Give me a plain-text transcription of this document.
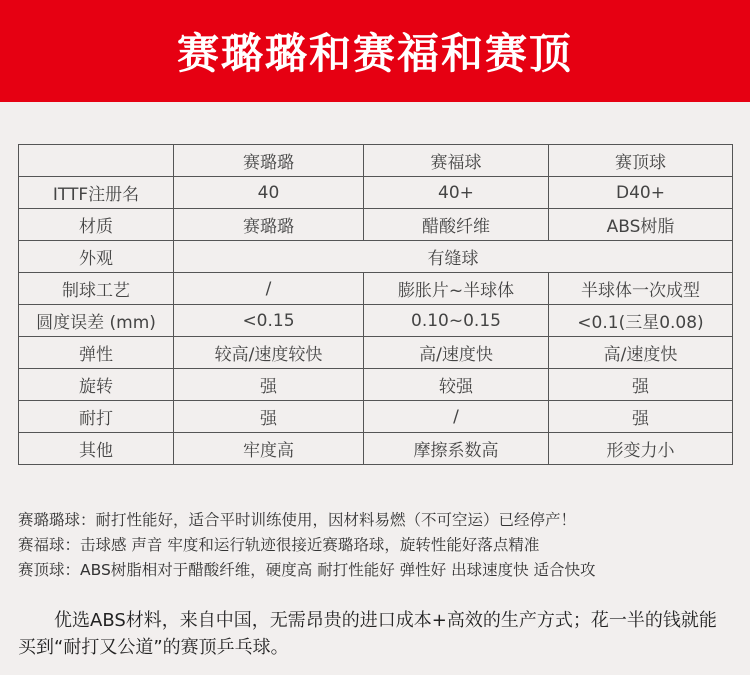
赛璐璐和赛福和赛顶
	赛璐璐	赛福球	赛顶球
ITTF注册名	40	40+	D40+
材质	赛璐璐	醋酸纤维	ABS树脂
外观	有缝球		
制球工艺	/	膨胀片~半球体	半球体一次成型
圆度误差 (mm)	<0.15	0.10~0.15	<0.1(三星0.08)
弹性	较高/速度较快	高/速度快	高/速度快
旋转	强	较强	强
耐打	强	/	强
其他	牢度高	摩擦系数高	形变力小
赛璐璐球：耐打性能好，适合平时训练使用，因材料易燃（不可空运）已经停产！
赛福球：击球感 声音 牢度和运行轨迹很接近赛璐珞球，旋转性能好落点精准
赛顶球：ABS树脂相对于醋酸纤维，硬度高 耐打性能好 弹性好 出球速度快 适合快攻

优选ABS材料，来自中国，无需昂贵的进口成本+高效的生产方式；花一半的钱就能买到“耐打又公道”的赛顶乒乓球。
